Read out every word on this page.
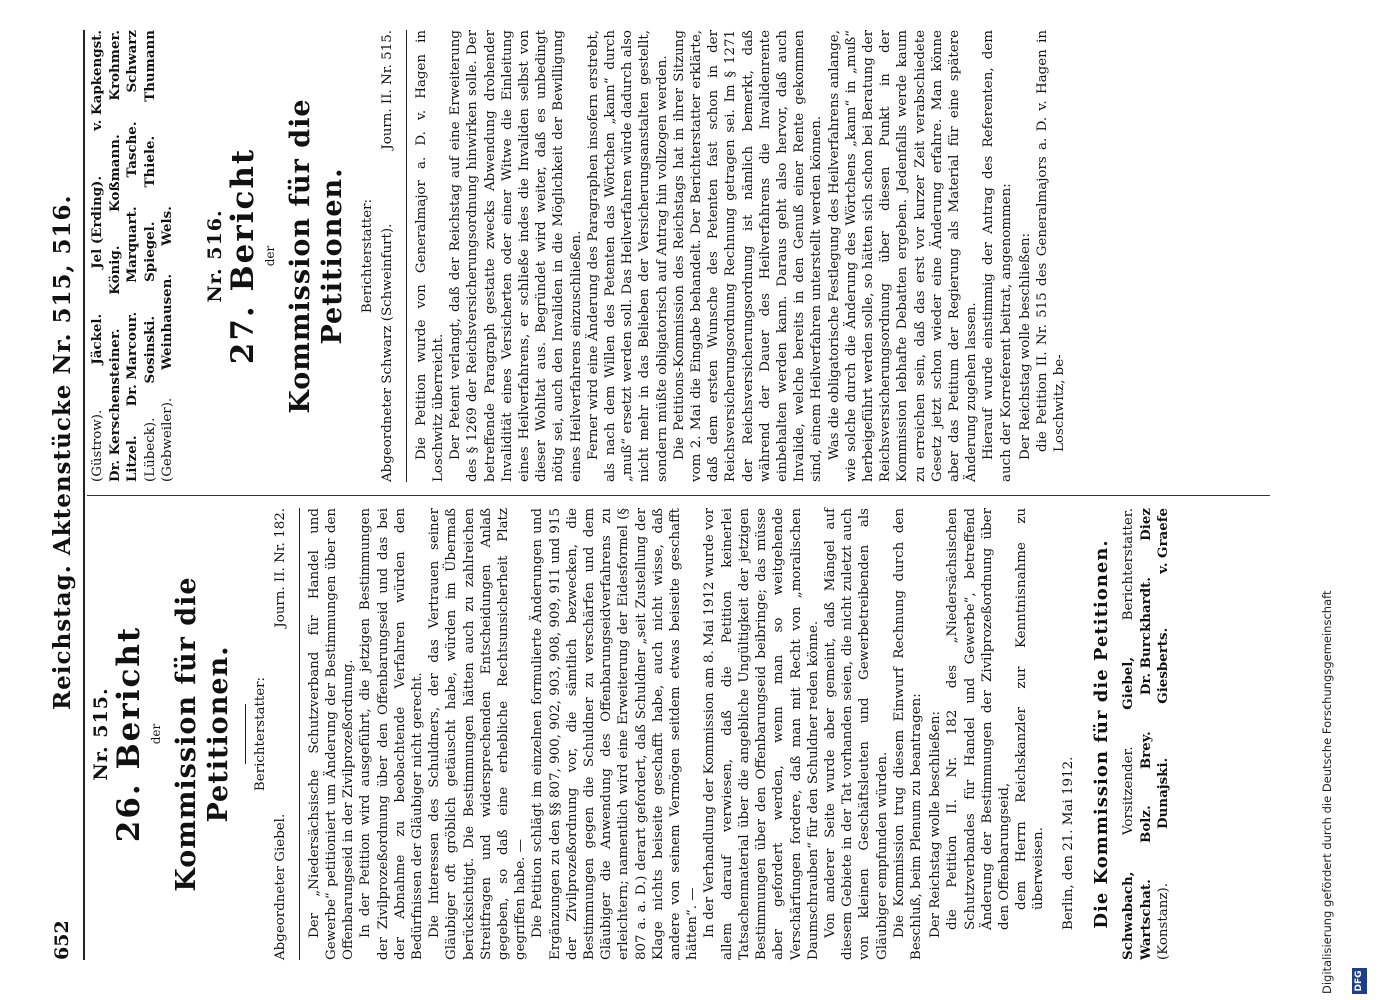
652
Reichstag. Aktenstücke Nr. 515, 516.
Nr. 515. 26. Bericht der Kommission für die Petitionen. Berichterstatter:
Abgeordneter Giebel.
Journ. II. Nr. 182. Der „Niedersächsische Schutzverband für Handel und Gewerbe“ petitioniert um Änderung der Bestimmungen über den Offenbarungseid in der Zivilprozeßordnung. In der Petition wird ausgeführt, die jetzigen Bestimmungen der Zivilprozeßordnung über den Offenbarungseid und das bei der Abnahme zu beobachtende Verfahren würden den Bedürfnissen der Gläubiger nicht gerecht. Die Interessen des Schuldners, der das Vertrauen seiner Gläubiger oft gröblich getäuscht habe, würden im Übermaß berücksichtigt. Die Bestimmungen hätten auch zu zahlreichen Streitfragen und widersprechenden Entscheidungen Anlaß gegeben, so daß eine erhebliche Rechtsunsicherheit Platz gegriffen habe. — Die Petition schlägt im einzelnen formulierte Änderungen und Ergänzungen zu den §§ 807, 900, 902, 903, 908, 909, 911 und 915 der Zivilprozeßordnung vor, die sämtlich bezwecken, die Bestimmungen gegen die Schuldner zu verschärfen und dem Gläubiger die Anwendung des Offenbarungseidverfahrens zu erleichtern; namentlich wird eine Erweiterung der Eidesformel (§ 807 a. a. D.) derart gefordert, daß Schuldner „seit Zustellung der Klage nichts beiseite geschafft habe, auch nicht wisse, daß andere von seinem Vermögen seitdem etwas beiseite geschafft hätten“. — In der Verhandlung der Kommission am 8. Mai 1912 wurde vor allem darauf verwiesen, daß die Petition keinerlei Tatsachenmaterial über die angebliche Ungültigkeit der jetzigen Bestimmungen über den Offenbarungseid beibringe; das müsse aber gefordert werden, wenn man so weitgehende Verschärfungen fordere, daß man mit Recht von „moralischen Daumschrauben“ für den Schuldner reden könne. Von anderer Seite wurde aber gemeint, daß Mängel auf diesem Gebiete in der Tat vorhanden seien, die nicht zuletzt auch von kleinen Geschäftsleuten und Gewerbetreibenden als Gläubiger empfunden würden. Die Kommission trug diesem Einwurf Rechnung durch den Beschluß, beim Plenum zu beantragen: Der Reichstag wolle beschließen: die Petition II. Nr. 182 des „Niedersächsischen Schutzverbandes für Handel und Gewerbe“, betreffend Änderung der Bestimmungen der Zivilprozeßordnung über den Offenbarungseid, dem Herrn Reichskanzler zur Kenntnisnahme zu überweisen. Berlin, den 21. Mai 1912. Die Kommission für die Petitionen. Schwabach,
Vorsitzender.
Giebel,
Berichterstatter.
Wartschat.
Bolz.
Brey.
Dr. Burckhardt.
Diez
(Konstanz).
Dunajski.
Giesberts.
v. Graefe
(Güstrow).
Jäckel.
Jel (Erding).
v. Kapkengst.
Dr. Kerschensteiner.
König.
Koßmann.
Krohmer.
Litzel.
Dr. Marcour.
Marquart.
Tasche.
Schwarz
(Lübeck).
Sosinski.
Spiegel.
Thiele.
Thumann
(Gebweiler).
Weinhausen.
Wels. Nr. 516. 27. Bericht der Kommission für die Petitionen. Berichterstatter: Abgeordneter Schwarz (Schweinfurt).
Journ. II. Nr. 515. Die Petition wurde von Generalmajor a. D. v. Hagen in Loschwitz überreicht. Der Petent verlangt, daß der Reichstag auf eine Erweiterung des § 1269 der Reichsversicherungsordnung hinwirken solle. Der betreffende Paragraph gestatte zwecks Abwendung drohender Invalidität eines Versicherten oder einer Witwe die Einleitung eines Heilverfahrens, er schließe indes die Invaliden selbst von dieser Wohltat aus. Begründet wird weiter, daß es unbedingt nötig sei, auch den Invaliden in die Möglichkeit der Bewilligung eines Heilverfahrens einzuschließen. Ferner wird eine Änderung des Paragraphen insofern erstrebt, als nach dem Willen des Petenten das Wörtchen „kann“ durch „muß“ ersetzt werden soll. Das Heilverfahren würde dadurch also nicht mehr in das Belieben der Versicherungsanstalten gestellt, sondern müßte obligatorisch auf Antrag hin vollzogen werden. Die Petitions-Kommission des Reichstags hat in ihrer Sitzung vom 2. Mai die Eingabe behandelt. Der Berichterstatter erklärte, daß dem ersten Wunsche des Petenten fast schon in der Reichsversicherungsordnung Rechnung getragen sei. Im § 1271 der Reichsversicherungsordnung ist nämlich bemerkt, daß während der Dauer des Heilverfahrens die Invalidenrente einbehalten werden kann. Daraus geht also hervor, daß auch Invalide, welche bereits in den Genuß einer Rente gekommen sind, einem Heilverfahren unterstellt werden können. Was die obligatorische Festlegung des Heilverfahrens anlange, wie solche durch die Änderung des Wörtchens „kann“ in „muß“ herbeigeführt werden solle, so hätten sich schon bei Beratung der Reichsversicherungsordnung über diesen Punkt in der Kommission lebhafte Debatten ergeben. Jedenfalls werde kaum zu erreichen sein, daß das erst vor kurzer Zeit verabschiedete Gesetz jetzt schon wieder eine Änderung erfahre. Man könne aber das Petitum der Regierung als Material für eine spätere Änderung zugehen lassen. Hierauf wurde einstimmig der Antrag des Referenten, dem auch der Korreferent beitrat, angenommen: Der Reichstag wolle beschließen: die Petition II. Nr. 515 des Generalmajors a. D. v. Hagen in Loschwitz, be-

Digitalisierung gefördert durch die Deutsche Forschungsgemeinschaft DFG
